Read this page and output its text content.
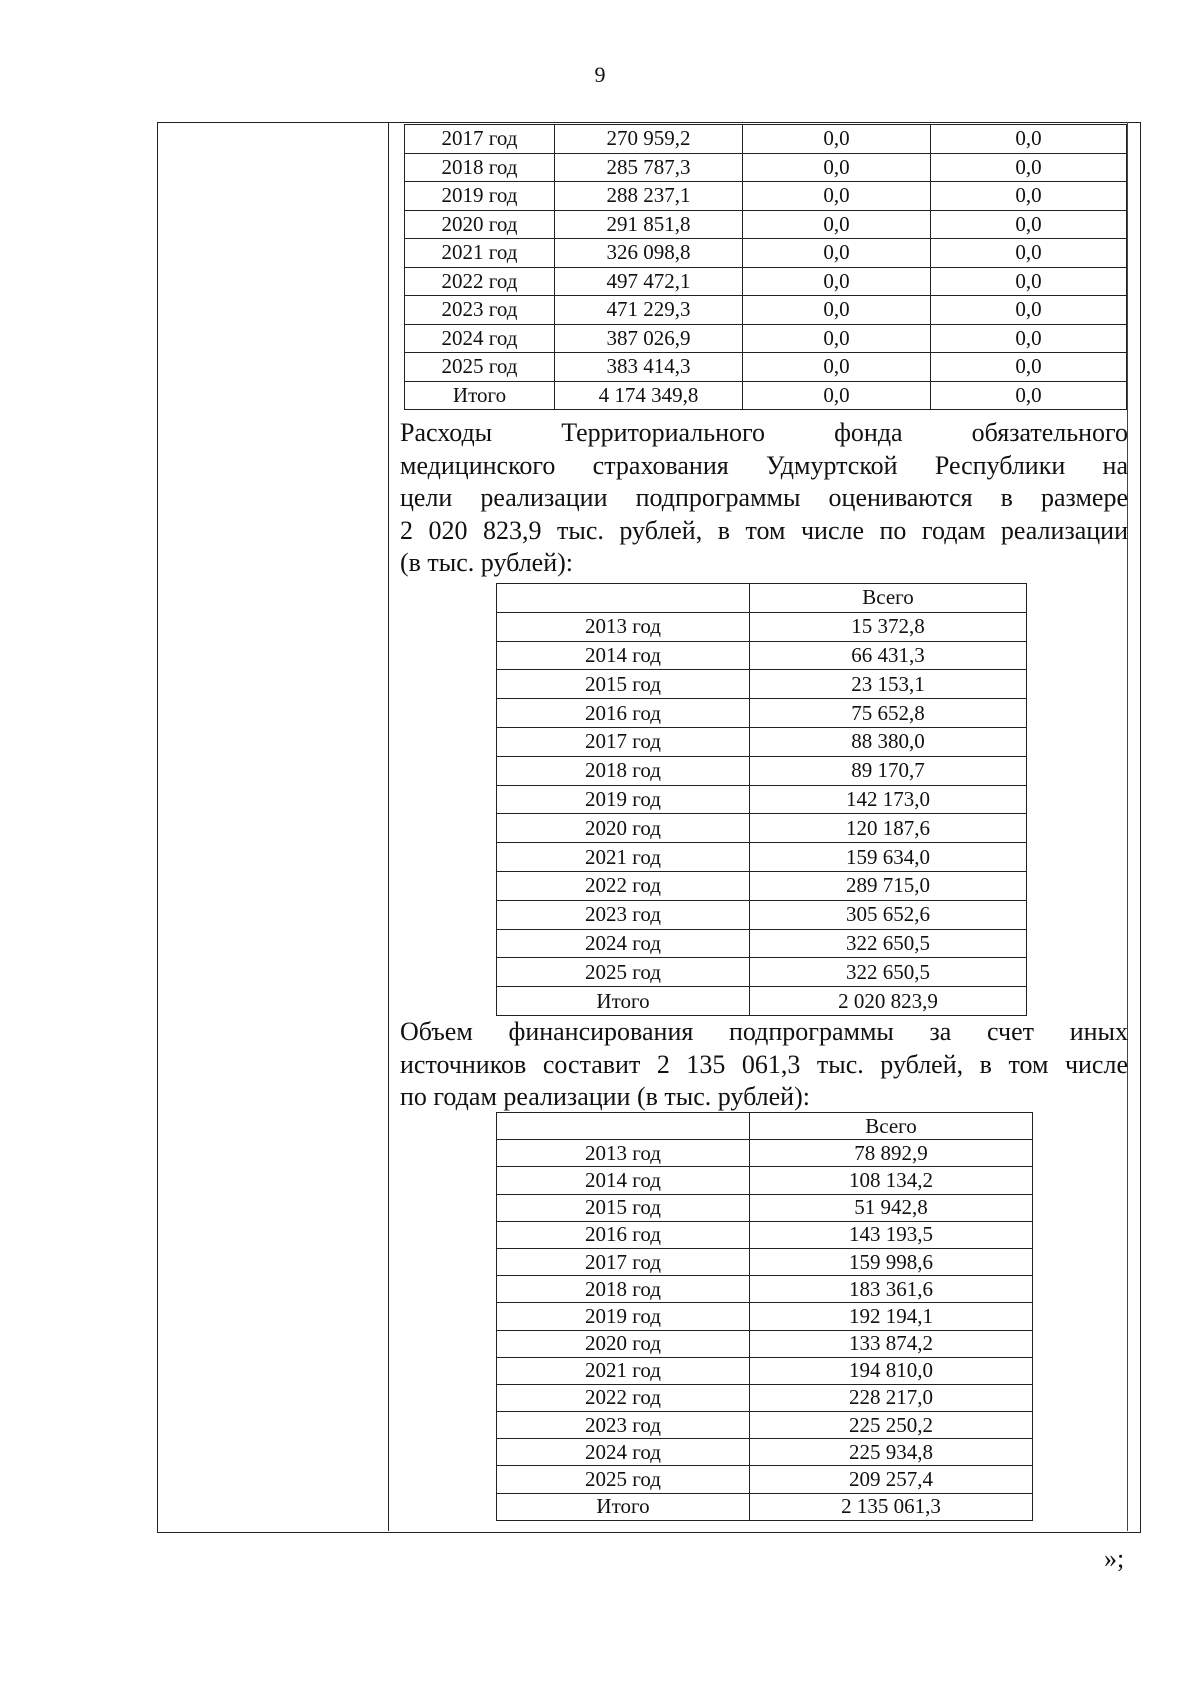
9
2017 год	270 959,2	0,0	0,0
2018 год	285 787,3	0,0	0,0
2019 год	288 237,1	0,0	0,0
2020 год	291 851,8	0,0	0,0
2021 год	326 098,8	0,0	0,0
2022 год	497 472,1	0,0	0,0
2023 год	471 229,3	0,0	0,0
2024 год	387 026,9	0,0	0,0
2025 год	383 414,3	0,0	0,0
Итого	4 174 349,8	0,0	0,0
Расходы Территориального фонда обязательного
медицинского страхования Удмуртской Республики на
цели реализации подпрограммы оцениваются в размере
2 020 823,9 тыс. рублей, в том числе по годам реализации
(в тыс. рублей):
	Всего
2013 год	15 372,8
2014 год	66 431,3
2015 год	23 153,1
2016 год	75 652,8
2017 год	88 380,0
2018 год	89 170,7
2019 год	142 173,0
2020 год	120 187,6
2021 год	159 634,0
2022 год	289 715,0
2023 год	305 652,6
2024 год	322 650,5
2025 год	322 650,5
Итого	2 020 823,9
Объем финансирования подпрограммы за счет иных
источников составит 2 135 061,3 тыс. рублей, в том числе
по годам реализации (в тыс. рублей):
	Всего
2013 год	78 892,9
2014 год	108 134,2
2015 год	51 942,8
2016 год	143 193,5
2017 год	159 998,6
2018 год	183 361,6
2019 год	192 194,1
2020 год	133 874,2
2021 год	194 810,0
2022 год	228 217,0
2023 год	225 250,2
2024 год	225 934,8
2025 год	209 257,4
Итого	2 135 061,3
»;
